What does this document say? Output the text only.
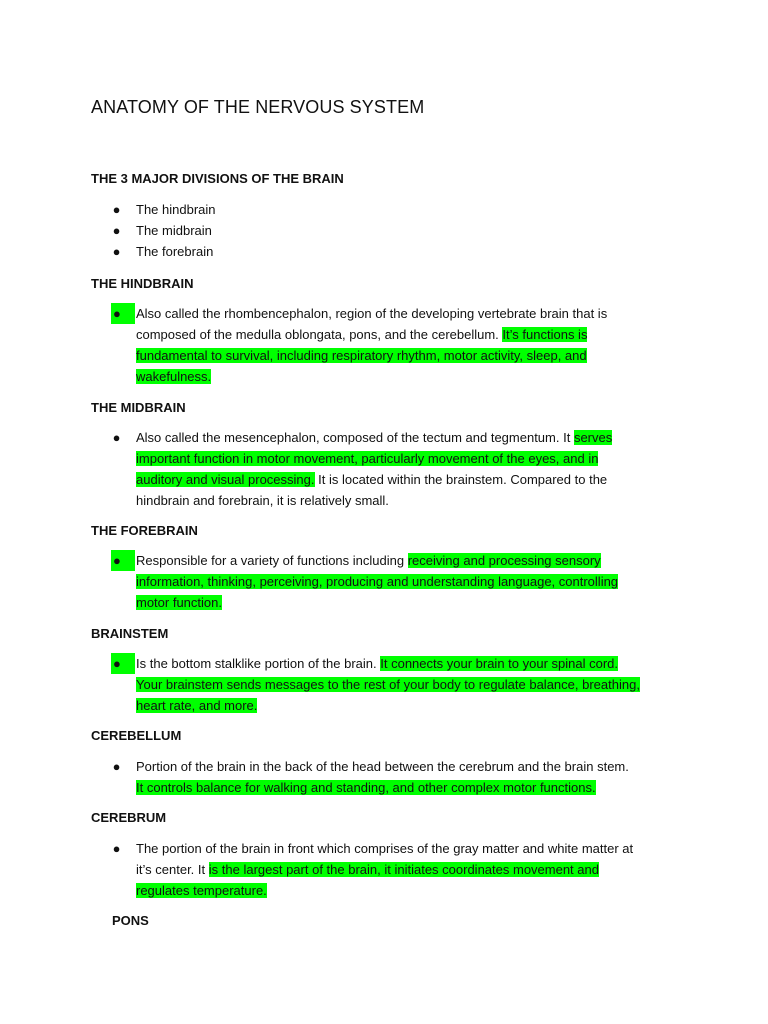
ANATOMY OF THE NERVOUS SYSTEM
THE 3 MAJOR DIVISIONS OF THE BRAIN
● The hindbrain
● The midbrain
● The forebrain
THE HINDBRAIN
●	Also called the rhombencephalon, region of the developing vertebrate brain that is
composed of the medulla oblongata, pons, and the cerebellum. It’s functions is
fundamental to survival, including respiratory rhythm, motor activity, sleep, and
wakefulness.
THE MIDBRAIN
● Also called the mesencephalon, composed of the tectum and tegmentum. It serves
important function in motor movement, particularly movement of the eyes, and in
auditory and visual processing. It is located within the brainstem. Compared to the
hindbrain and forebrain, it is relatively small.
THE FOREBRAIN
●	Responsible for a variety of functions including receiving and processing sensory
information, thinking, perceiving, producing and understanding language, controlling
motor function.
BRAINSTEM
●	Is the bottom stalklike portion of the brain. It connects your brain to your spinal cord.
Your brainstem sends messages to the rest of your body to regulate balance, breathing,
heart rate, and more.
CEREBELLUM
● Portion of the brain in the back of the head between the cerebrum and the brain stem.
It controls balance for walking and standing, and other complex motor functions.
CEREBRUM
● The portion of the brain in front which comprises of the gray matter and white matter at
it’s center. It is the largest part of the brain, it initiates coordinates movement and
regulates temperature.
PONS
